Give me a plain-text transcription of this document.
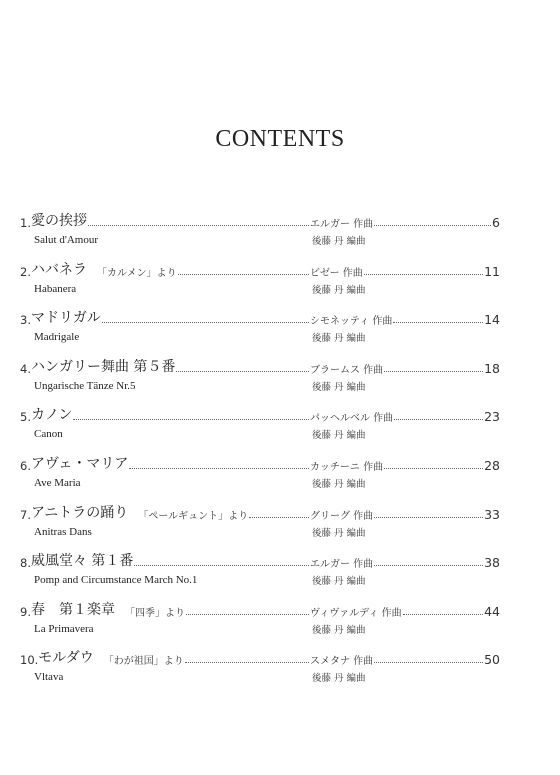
CONTENTS
1. 愛の挨拶	エルガー 作曲	6
Salut d'Amour	後藤 丹 編曲
2. ハバネラ 「カルメン」より	ビゼー 作曲	11
Habanera	後藤 丹 編曲
3. マドリガル	シモネッティ 作曲	14
Madrigale	後藤 丹 編曲
4. ハンガリー舞曲 第５番	ブラームス 作曲	18
Ungarische Tänze Nr.5	後藤 丹 編曲
5. カノン	パッヘルベル 作曲	23
Canon	後藤 丹 編曲
6. アヴェ・マリア	カッチーニ 作曲	28
Ave Maria	後藤 丹 編曲
7. アニトラの踊り 「ペールギュント」より	グリーグ 作曲	33
Anitras Dans	後藤 丹 編曲
8. 威風堂々 第１番	エルガー 作曲	38
Pomp and Circumstance March No.1	後藤 丹 編曲
9. 春　第１楽章 「四季」より	ヴィヴァルディ 作曲	44
La Primavera	後藤 丹 編曲
10. モルダウ 「わが祖国」より	スメタナ 作曲	50
Vltava	後藤 丹 編曲
